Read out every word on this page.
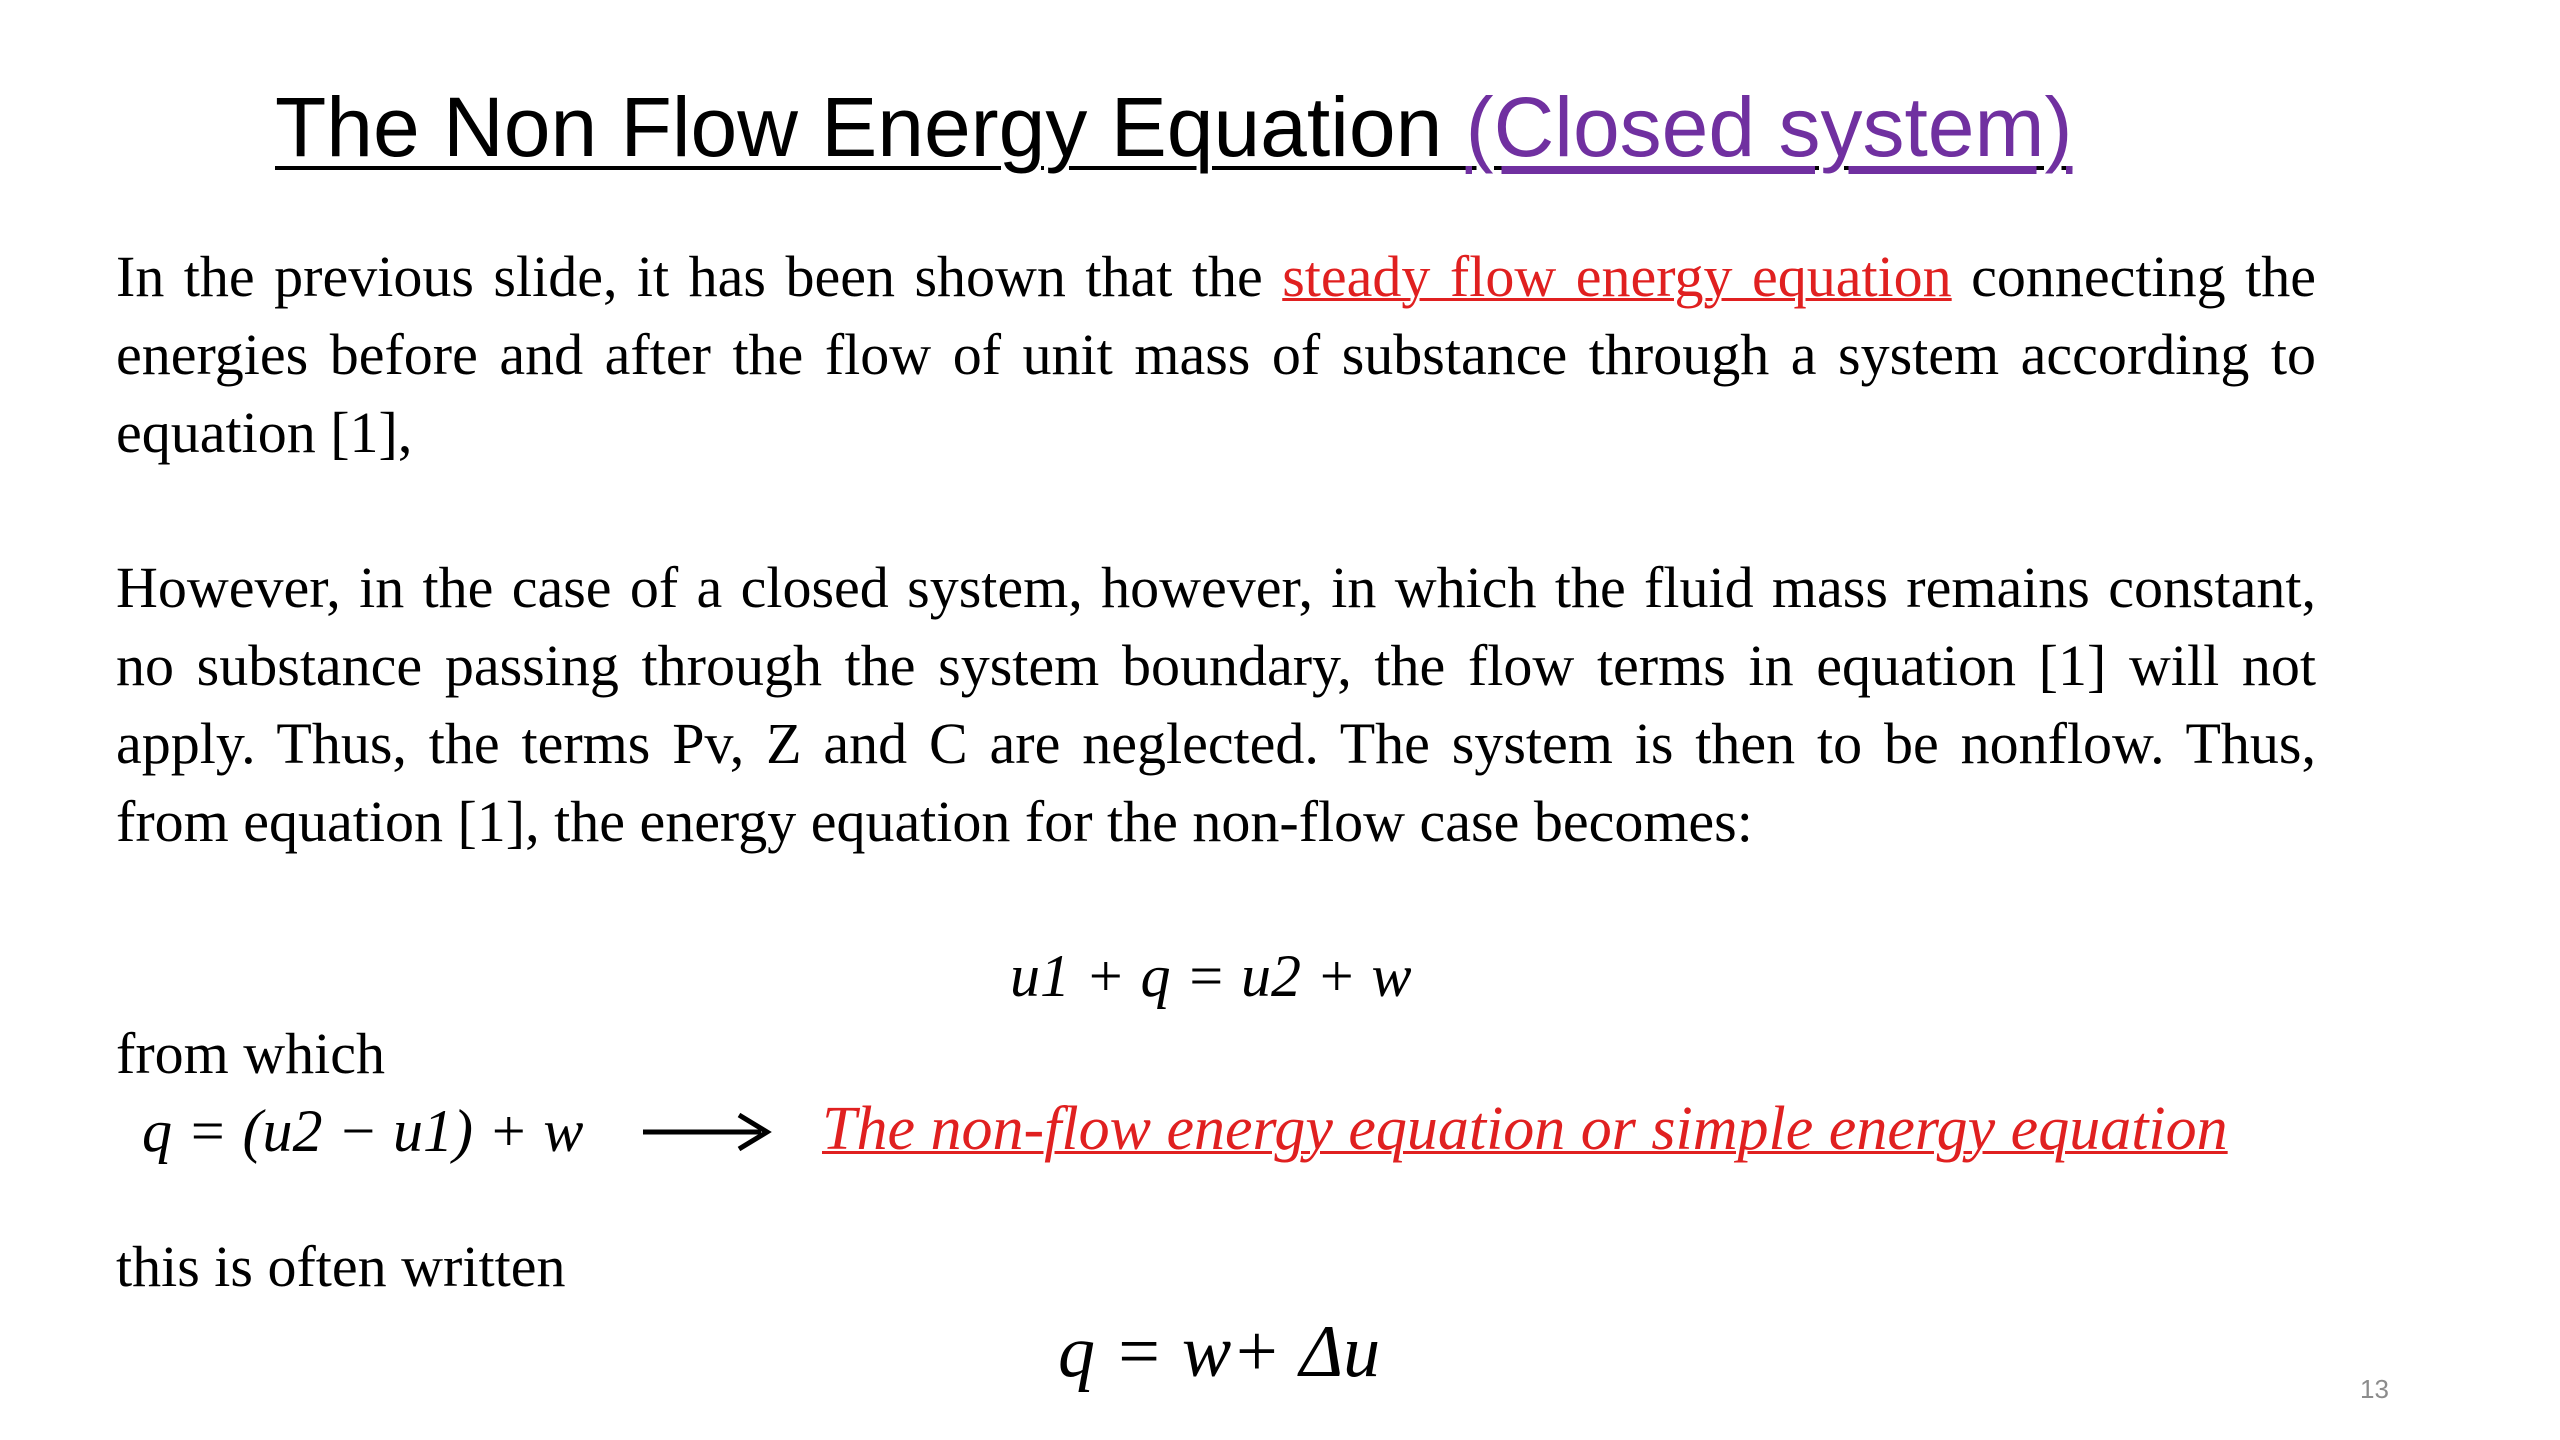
The Non Flow Energy Equation (Closed system)
In the previous slide, it has been shown that the steady flow energy equation connecting the energies before and after the flow of unit mass of substance through a system according to equation [1],
However, in the case of a closed system, however, in which the fluid mass remains constant, no substance passing through the system boundary, the flow terms in equation [1] will not apply. Thus, the terms Pv, Z and C are neglected. The system is then to be nonflow. Thus, from equation [1], the energy equation for the non-flow case becomes:
u1 + q = u2 + w
from which
q = (u2 − u1) + w	The non-flow energy equation or simple energy equation
this is often written
q = w+ Δu	13
